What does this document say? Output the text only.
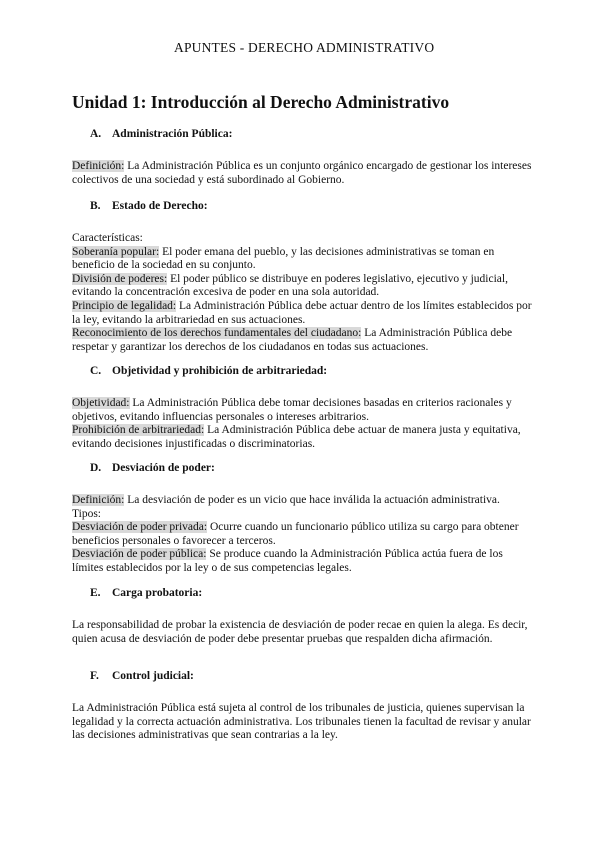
APUNTES - DERECHO ADMINISTRATIVO
Unidad 1: Introducción al Derecho Administrativo
A. Administración Pública:

Definición: La Administración Pública es un conjunto orgánico encargado de gestionar los intereses colectivos de una sociedad y está subordinado al Gobierno.

B. Estado de Derecho:

Características:

Soberanía popular: El poder emana del pueblo, y las decisiones administrativas se toman en beneficio de la sociedad en su conjunto.

División de poderes: El poder público se distribuye en poderes legislativo, ejecutivo y judicial, evitando la concentración excesiva de poder en una sola autoridad.

Principio de legalidad: La Administración Pública debe actuar dentro de los límites establecidos por la ley, evitando la arbitrariedad en sus actuaciones.

Reconocimiento de los derechos fundamentales del ciudadano: La Administración Pública debe respetar y garantizar los derechos de los ciudadanos en todas sus actuaciones.

C. Objetividad y prohibición de arbitrariedad:

Objetividad: La Administración Pública debe tomar decisiones basadas en criterios racionales y objetivos, evitando influencias personales o intereses arbitrarios.

Prohibición de arbitrariedad: La Administración Pública debe actuar de manera justa y equitativa, evitando decisiones injustificadas o discriminatorias.

D. Desviación de poder:

Definición: La desviación de poder es un vicio que hace inválida la actuación administrativa.

Tipos:

Desviación de poder privada: Ocurre cuando un funcionario público utiliza su cargo para obtener beneficios personales o favorecer a terceros.

Desviación de poder pública: Se produce cuando la Administración Pública actúa fuera de los límites establecidos por la ley o de sus competencias legales.

E. Carga probatoria:

La responsabilidad de probar la existencia de desviación de poder recae en quien la alega. Es decir, quien acusa de desviación de poder debe presentar pruebas que respalden dicha afirmación.

F.	Control judicial:

La Administración Pública está sujeta al control de los tribunales de justicia, quienes supervisan la legalidad y la correcta actuación administrativa. Los tribunales tienen la facultad de revisar y anular las decisiones administrativas que sean contrarias a la ley.
